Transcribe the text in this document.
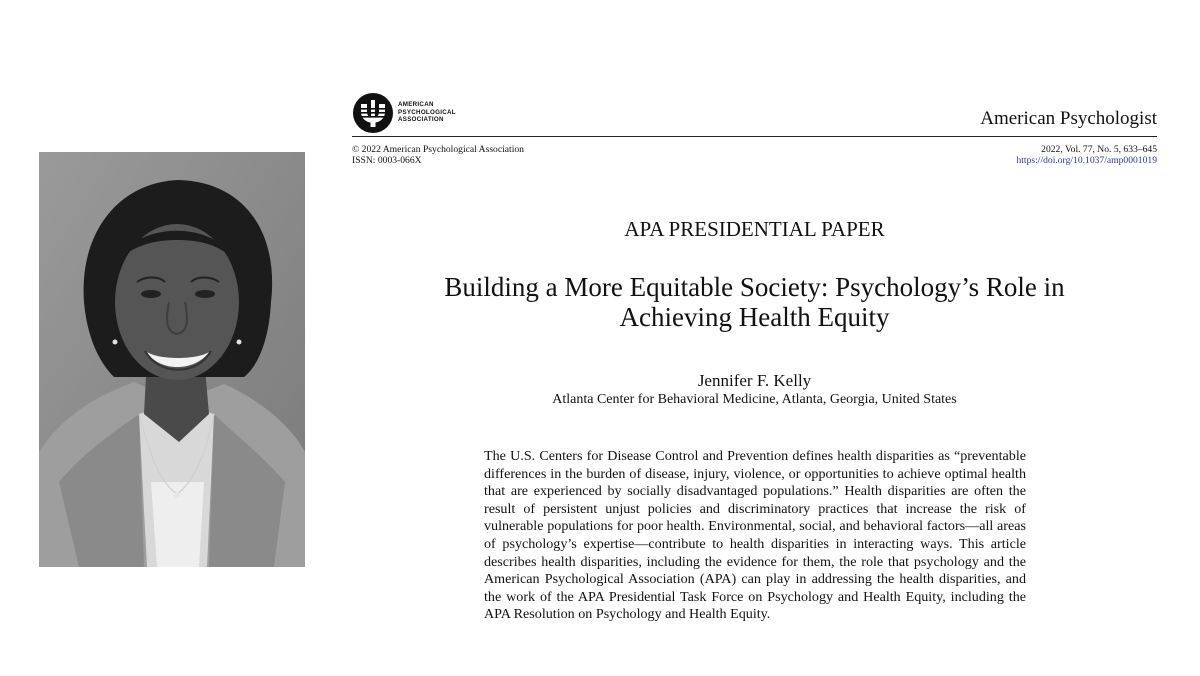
AMERICAN
PSYCHOLOGICAL
ASSOCIATION	American Psychologist
© 2022 American Psychological Association
ISSN: 0003-066X
2022, Vol. 77, No. 5, 633–645
https://doi.org/10.1037/amp0001019
APA PRESIDENTIAL PAPER
Building a More Equitable Society: Psychology’s Role in
Achieving Health Equity
Jennifer F. Kelly
Atlanta Center for Behavioral Medicine, Atlanta, Georgia, United States
The U.S. Centers for Disease Control and Prevention defines health disparities as “preventable differences in the burden of disease, injury, violence, or opportunities to achieve optimal health that are experienced by socially disadvantaged populations.” Health disparities are often the result of persistent unjust policies and discriminatory practices that increase the risk of vulnerable populations for poor health. Environmental, social, and behavioral factors—all areas of psychology’s expertise—contribute to health disparities in interacting ways. This article describes health disparities, including the evidence for them, the role that psychology and the American Psychological Association (APA) can play in addressing the health disparities, and the work of the APA Presidential Task Force on Psychology and Health Equity, including the APA Resolution on Psychology and Health Equity.
